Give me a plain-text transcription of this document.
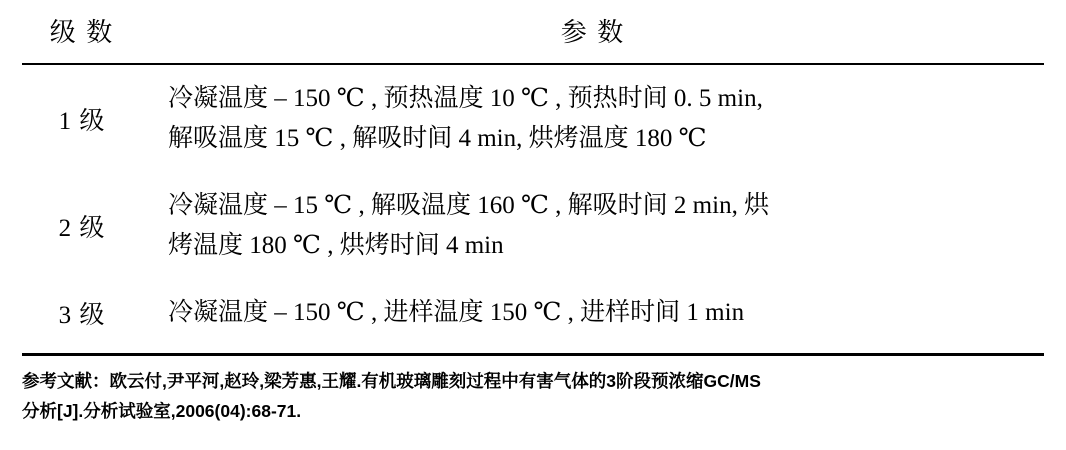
级 数	参 数
1 级	冷凝温度 – 150 ℃ , 预热温度 10 ℃ , 预热时间 0. 5 min,
解吸温度 15 ℃ , 解吸时间 4 min, 烘烤温度 180 ℃

2 级	冷凝温度 – 15 ℃ , 解吸温度 160 ℃ , 解吸时间 2 min, 烘
烤温度 180 ℃ , 烘烤时间 4 min

3 级	冷凝温度 – 150 ℃ , 进样温度 150 ℃ , 进样时间 1 min
参考文献：欧云付,尹平河,赵玲,梁芳惠,王耀.有机玻璃雕刻过程中有害气体的3阶段预浓缩GC/MS
分析[J].分析试验室,2006(04):68-71.
